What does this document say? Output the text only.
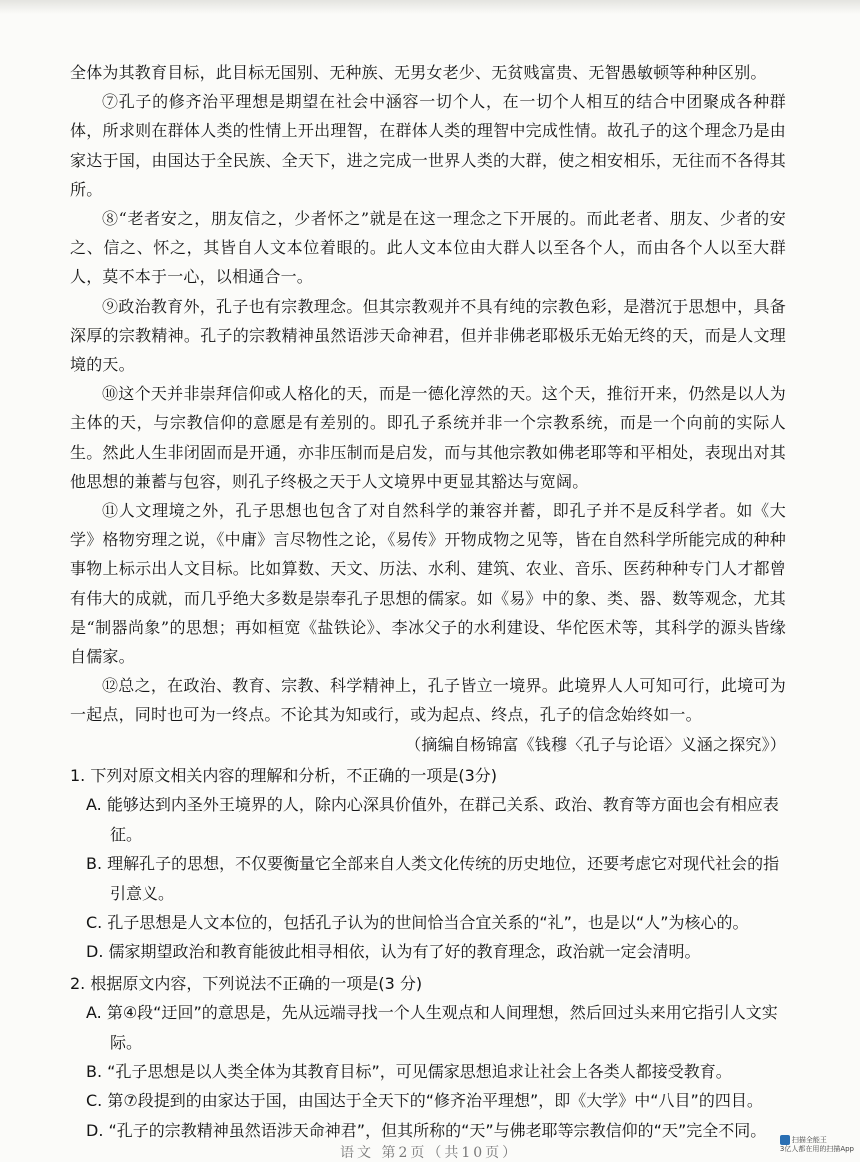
全体为其教育目标，此目标无国别、无种族、无男女老少、无贫贱富贵、无智愚敏顿等种种区别。

⑦孔子的修齐治平理想是期望在社会中涵容一切个人，在一切个人相互的结合中团聚成各种群体，所求则在群体人类的性情上开出理智，在群体人类的理智中完成性情。故孔子的这个理念乃是由家达于国，由国达于全民族、全天下，进之完成一世界人类的大群，使之相安相乐，无往而不各得其所。

⑧“老者安之，朋友信之，少者怀之”就是在这一理念之下开展的。而此老者、朋友、少者的安之、信之、怀之，其皆自人文本位着眼的。此人文本位由大群人以至各个人，而由各个人以至大群人，莫不本于一心，以相通合一。

⑨政治教育外，孔子也有宗教理念。但其宗教观并不具有纯的宗教色彩，是潜沉于思想中，具备深厚的宗教精神。孔子的宗教精神虽然语涉天命神君，但并非佛老耶极乐无始无终的天，而是人文理境的天。

⑩这个天并非崇拜信仰或人格化的天，而是一德化淳然的天。这个天，推衍开来，仍然是以人为主体的天，与宗教信仰的意愿是有差别的。即孔子系统并非一个宗教系统，而是一个向前的实际人生。然此人生非闭固而是开通，亦非压制而是启发，而与其他宗教如佛老耶等和平相处，表现出对其他思想的兼蓄与包容，则孔子终极之天于人文境界中更显其豁达与宽阔。

⑪人文理境之外，孔子思想也包含了对自然科学的兼容并蓄，即孔子并不是反科学者。如《大学》格物穷理之说，《中庸》言尽物性之论，《易传》开物成物之见等，皆在自然科学所能完成的种种事物上标示出人文目标。比如算数、天文、历法、水利、建筑、农业、音乐、医药种种专门人才都曾有伟大的成就，而几乎绝大多数是崇奉孔子思想的儒家。如《易》中的象、类、器、数等观念，尤其是“制器尚象”的思想；再如桓宽《盐铁论》、李冰父子的水利建设、华佗医术等，其科学的源头皆缘自儒家。

⑫总之，在政治、教育、宗教、科学精神上，孔子皆立一境界。此境界人人可知可行，此境可为一起点，同时也可为一终点。不论其为知或行，或为起点、终点，孔子的信念始终如一。

（摘编自杨锦富《钱穆〈孔子与论语〉义涵之探究》）

1. 下列对原文相关内容的理解和分析，不正确的一项是(3分)

A. 能够达到内圣外王境界的人，除内心深具价值外，在群己关系、政治、教育等方面也会有相应表征。

B. 理解孔子的思想，不仅要衡量它全部来自人类文化传统的历史地位，还要考虑它对现代社会的指引意义。

C. 孔子思想是人文本位的，包括孔子认为的世间恰当合宜关系的“礼”，也是以“人”为核心的。

D. 儒家期望政治和教育能彼此相寻相依，认为有了好的教育理念，政治就一定会清明。

2. 根据原文内容，下列说法不正确的一项是(3 分)

A. 第④段“迂回”的意思是，先从远端寻找一个人生观点和人间理想，然后回过头来用它指引人文实际。

B. “孔子思想是以人类全体为其教育目标”，可见儒家思想追求让社会上各类人都接受教育。

C. 第⑦段提到的由家达于国，由国达于全天下的“修齐治平理想”，即《大学》中“八目”的四目。

D. “孔子的宗教精神虽然语涉天命神君”，但其所称的“天”与佛老耶等宗教信仰的“天”完全不同。

语文 第2页（共10页）
扫描全能王
3亿人都在用的扫描App
